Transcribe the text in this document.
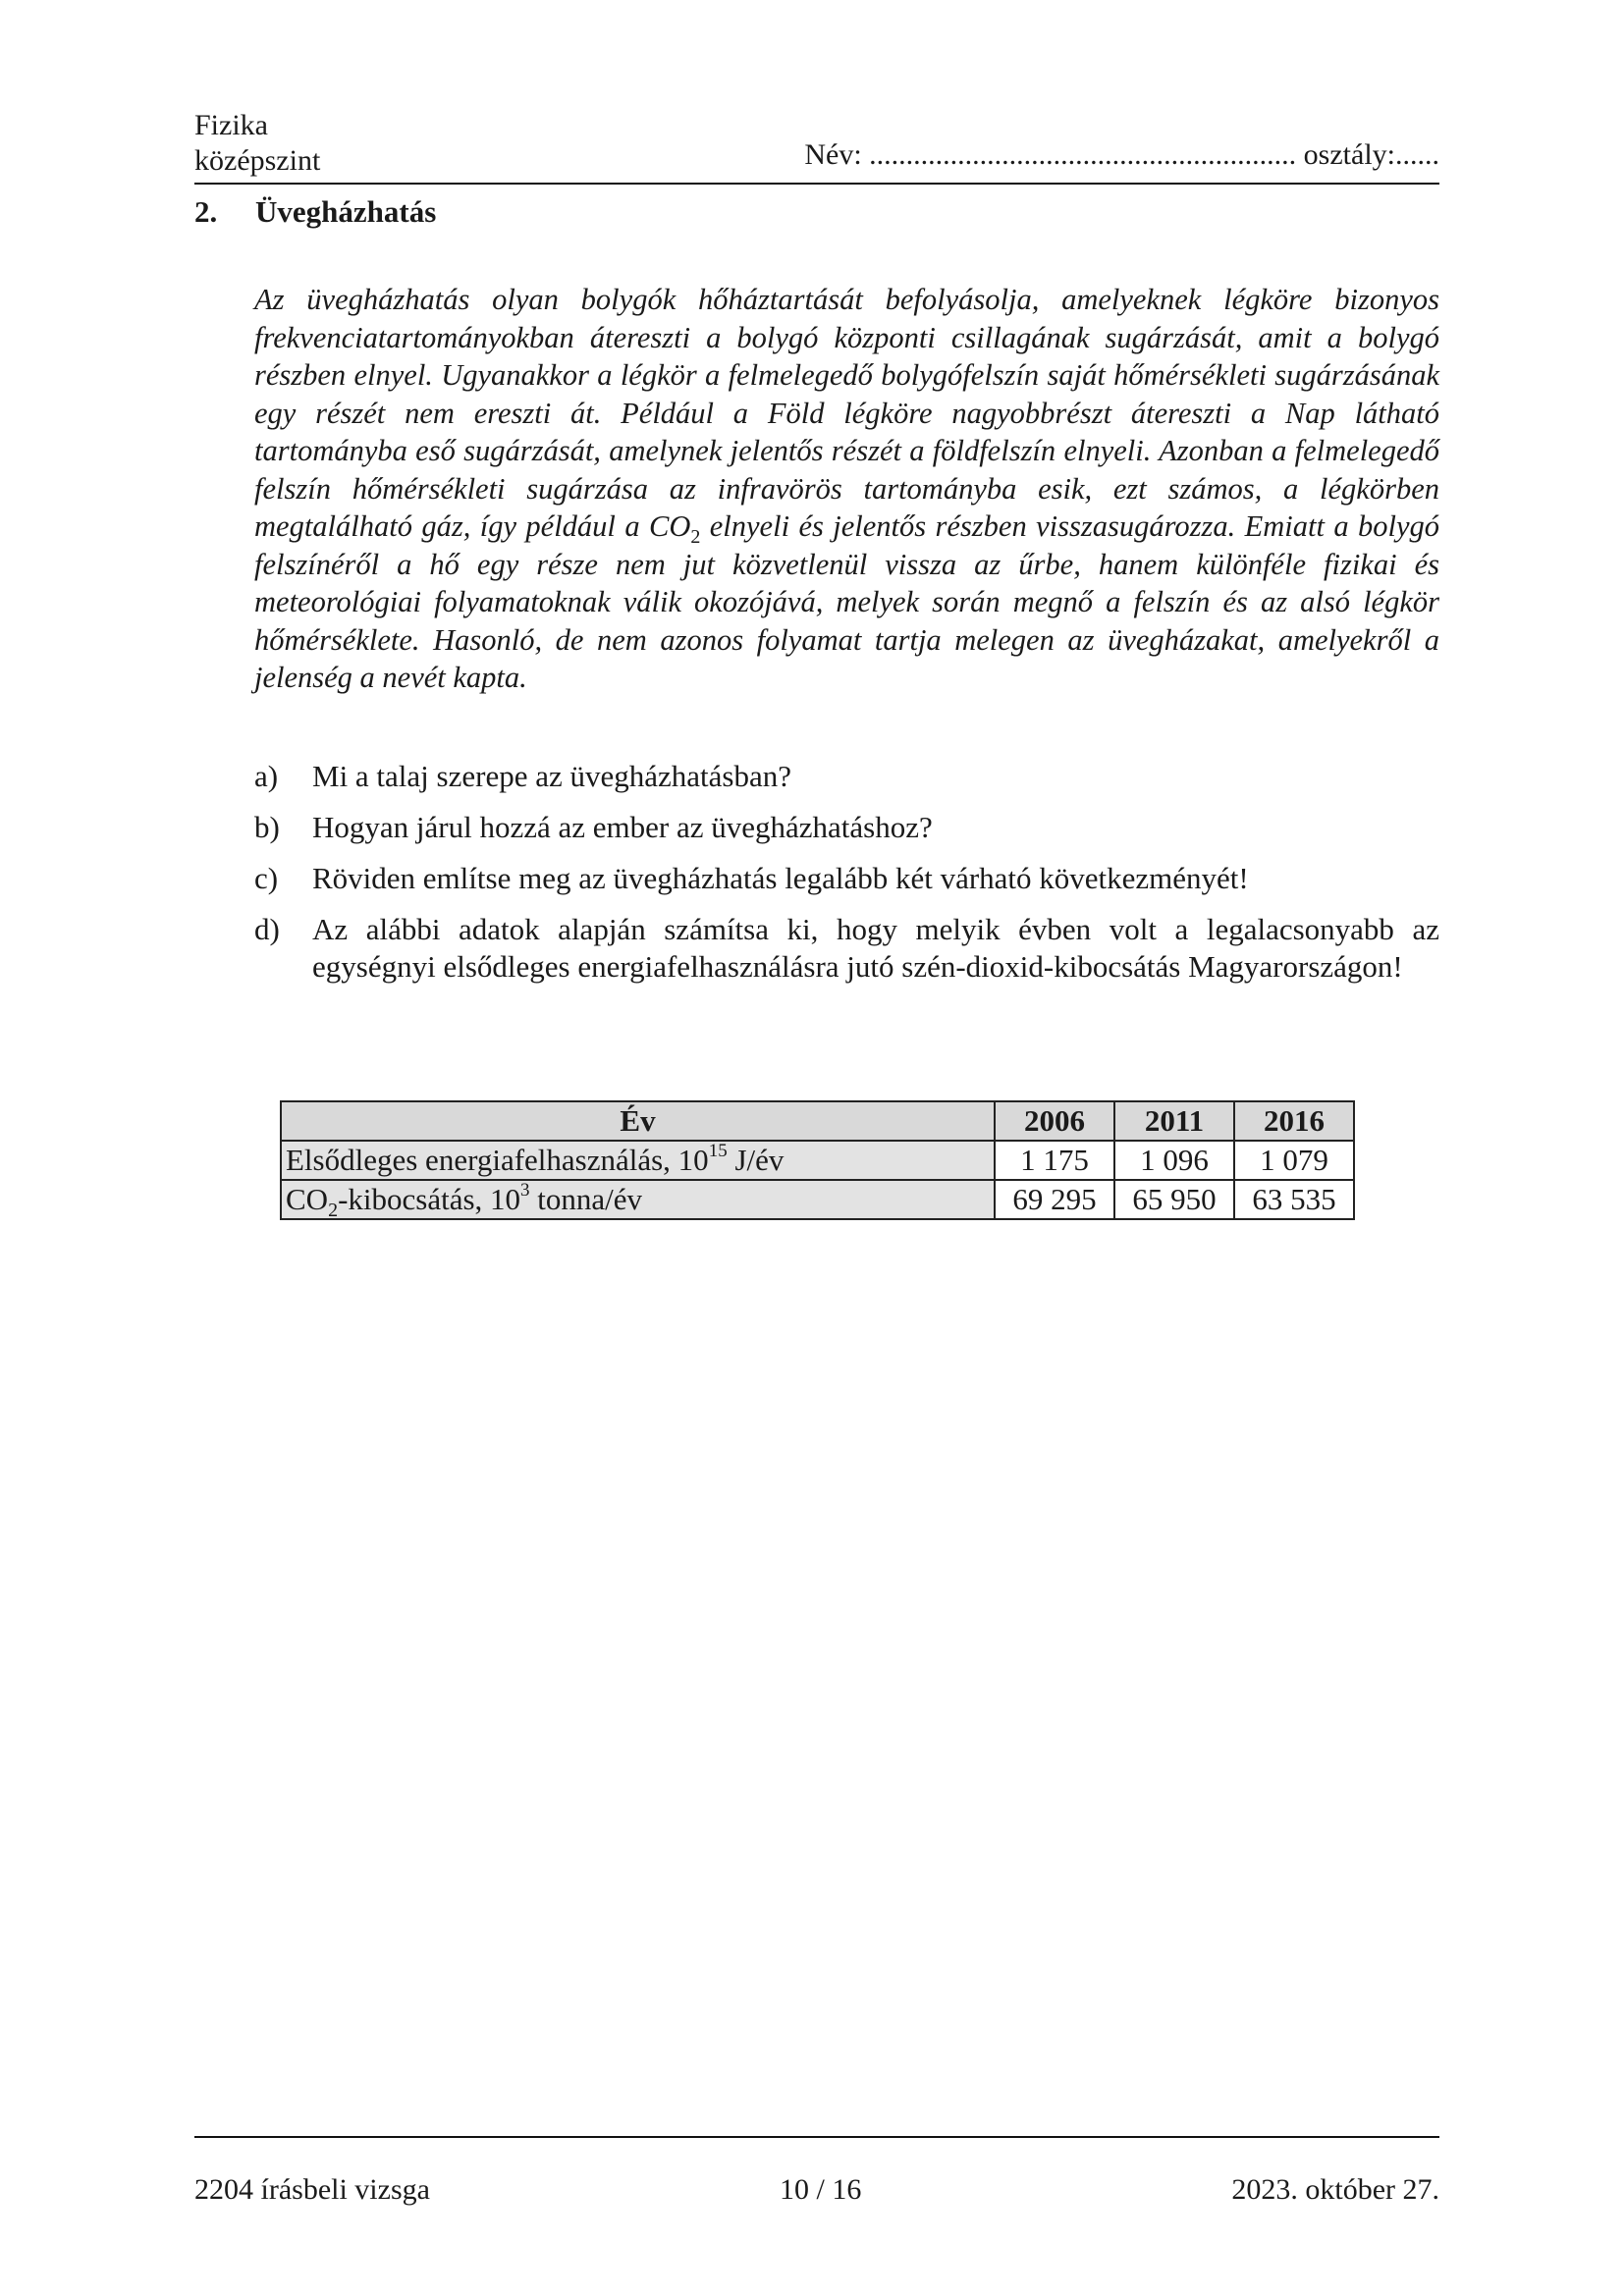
Fizika
középszint	Név: .......................................................... osztály:......
2. Üvegházhatás

Az üvegházhatás olyan bolygók hőháztartását befolyásolja, amelyeknek légköre bizonyos frekvenciatartományokban átereszti a bolygó központi csillagának sugárzását, amit a bolygó részben elnyel. Ugyanakkor a légkör a felmelegedő bolygófelszín saját hőmérsékleti sugárzásának egy részét nem ereszti át. Például a Föld légköre nagyobbrészt átereszti a Nap látható tartományba eső sugárzását, amelynek jelentős részét a földfelszín elnyeli. Azonban a felmelegedő felszín hőmérsékleti sugárzása az infravörös tartományba esik, ezt számos, a légkörben megtalálható gáz, így például a $CO_2$ elnyeli és jelentős részben visszasugározza. Emiatt a bolygó felszínéről a hő egy része nem jut közvetlenül vissza az űrbe, hanem különféle fizikai és meteorológiai folyamatoknak válik okozójává, melyek során megnő a felszín és az alsó légkör hőmérséklete. Hasonló, de nem azonos folyamat tartja melegen az üvegházakat, amelyekről a jelenség a nevét kapta.

a) Mi a talaj szerepe az üvegházhatásban?
b) Hogyan járul hozzá az ember az üvegházhatáshoz?
c) Röviden említse meg az üvegházhatás legalább két várható következményét!
d) Az alábbi adatok alapján számítsa ki, hogy melyik évben volt a legalacsonyabb az egységnyi elsődleges energiafelhasználásra jutó szén-dioxid-kibocsátás Magyarországon!
Év	2006	2011	2016
Elsődleges energiafelhasználás, $10^{15}$ J/év	1 175	1 096	1 079
$CO_2$-kibocsátás, $10^3$ tonna/év	69 295	65 950	63 535
2204 írásbeli vizsga	10 / 16	2023. október 27.
